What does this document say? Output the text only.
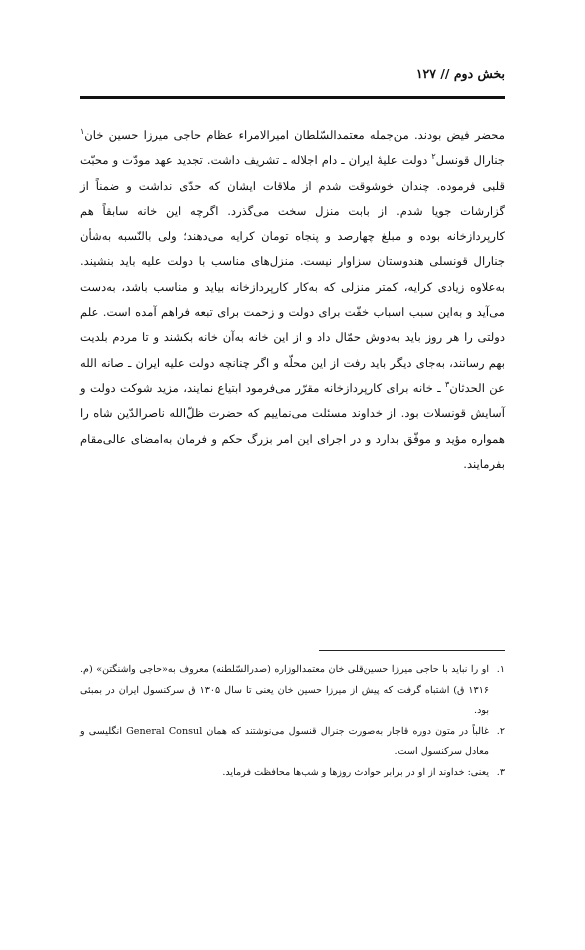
بخش دوم // ۱۲۷

محضر فیض بودند. من‌جمله معتمدالسّلطان امیرالامراء عظام حاجی میرزا حسین خان$^۱$ جنارال قونسل$^۲$ دولت علیهٔ ایران ـ دام اجلاله ـ تشریف داشت. تجدید عهد مودّت و محبّت قلبی فرموده. چندان خوشوقت شدم از ملاقات ایشان که حدّی نداشت و ضمناً از گزارشات جویا شدم. از بابت منزل سخت می‌گذرد. اگرچه این خانه سابقاً هم کارپردازخانه بوده و مبلغ چهارصد و پنجاه تومان کرایه می‌دهند؛ ولی بالنّسبه به‌شأن جنارال قونسلی هندوستان سزاوار نیست. منزل‌های مناسب با دولت علیه باید بنشیند. به‌علاوه زیادی کرایه، کمتر منزلی که به‌کار کارپردازخانه بیاید و مناسب باشد، به‌دست می‌آید و به‌این سبب اسباب خفّت برای دولت و زحمت برای تبعه فراهم آمده است. علم دولتی را هر روز باید به‌دوش حمّال داد و از این خانه به‌آن خانه بکشند و تا مردم بلدیت بهم رسانند، به‌جای دیگر باید رفت از این محلّه و اگر چنانچه دولت علیه ایران ـ صانه الله عن الحدثان$^۳$ ـ خانه برای کارپردازخانه مقرّر می‌فرمود ابتیاع نمایند، مزید شوکت دولت و آسایش قونسلات بود. از خداوند مسئلت می‌نماییم که حضرت ظلّ‌الله ناصرالدّین شاه را همواره مؤید و موفّق بدارد و در اجرای این امر بزرگ حکم و فرمان به‌امضای عالی‌مقام بفرمایند.

۱.
او را نباید با حاجی میرزا حسین‌قلی خان معتمدالوزاره (صدرالسّلطنه) معروف به«حاجی واشنگتن» (م. ۱۳۱۶ ق) اشتباه گرفت که پیش از میرزا حسین خان یعنی تا سال ۱۳۰۵ ق سرکنسول ایران در بمبئی بود.
۲.
غالباً در متون دوره قاجار به‌صورت جنرال قنسول می‌نوشتند که همان General Consul انگلیسی و معادل سرکنسول است.
۳.
یعنی: خداوند از او در برابر حوادث روزها و شب‌ها محافظت فرماید.
